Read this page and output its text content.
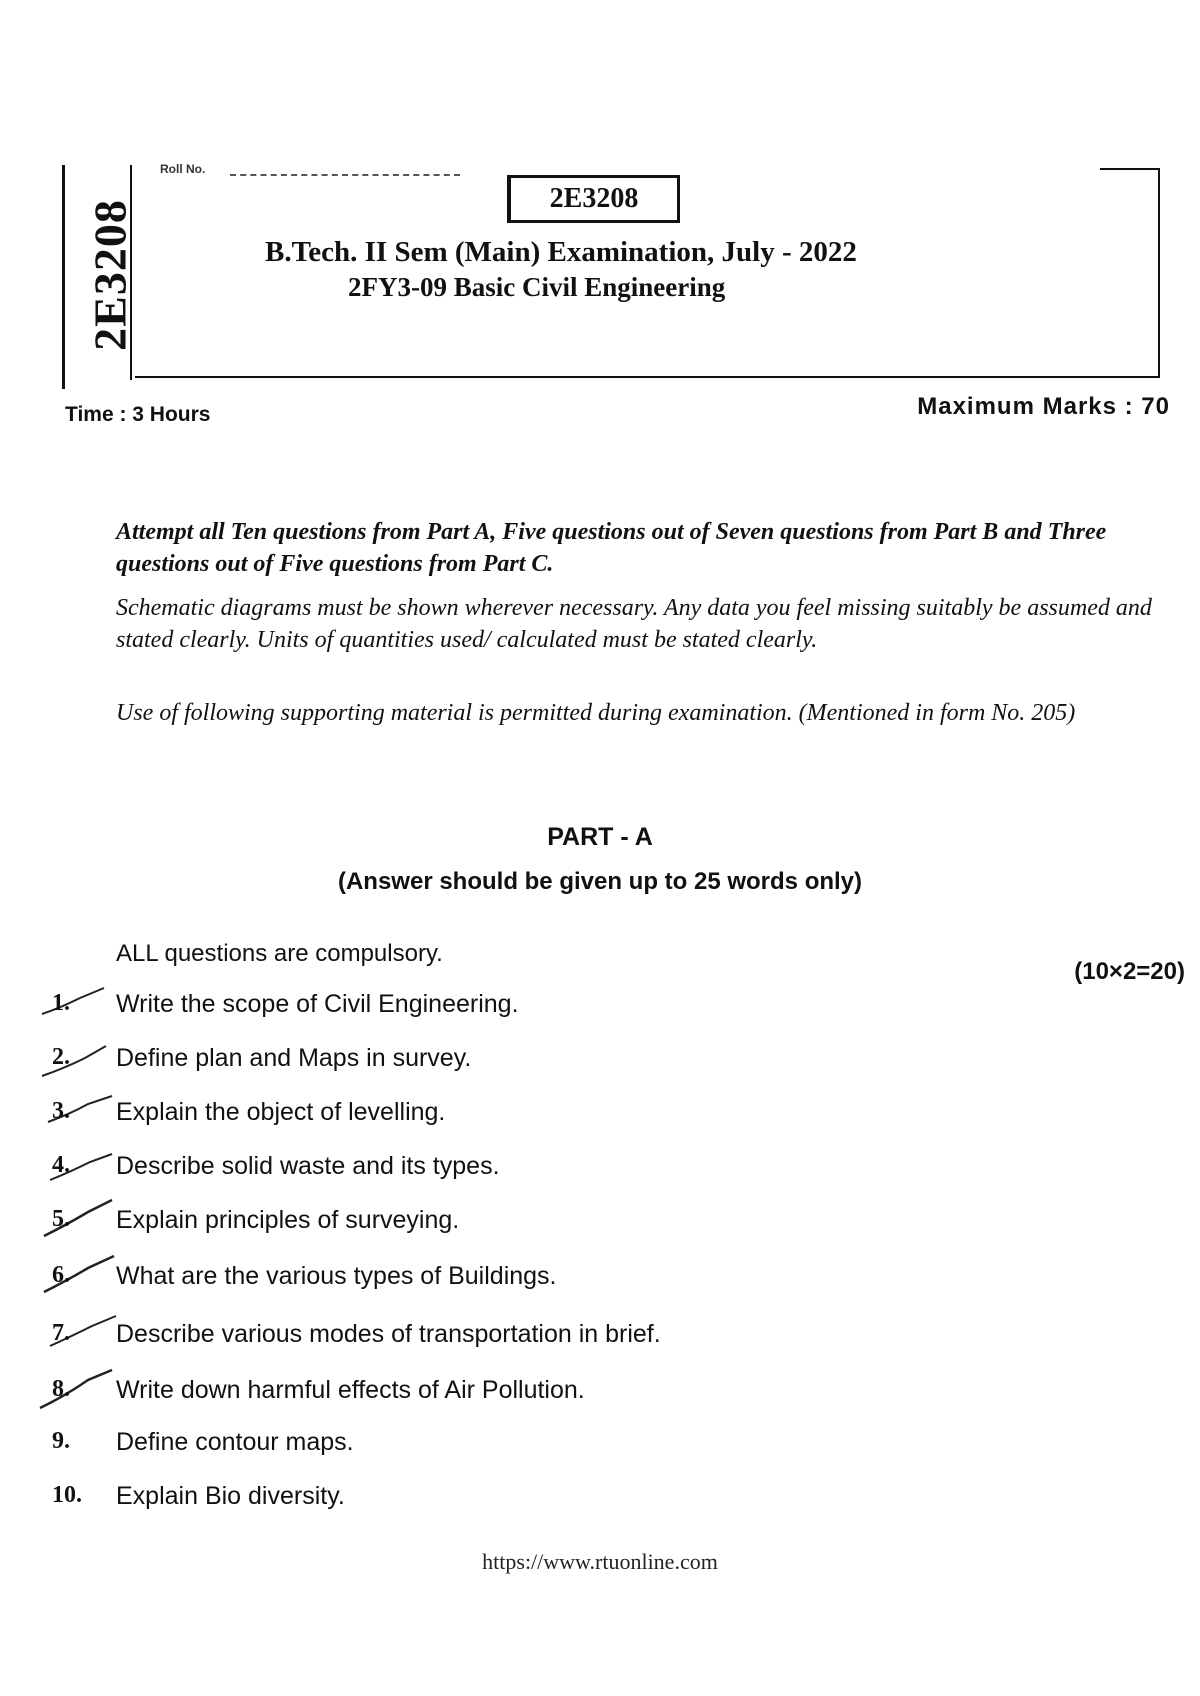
2E3208
Roll No.
2E3208
B.Tech. II Sem (Main) Examination, July - 2022
2FY3-09 Basic Civil Engineering
Time : 3 Hours	Maximum Marks : 70
Attempt all Ten questions from Part A, Five questions out of Seven questions from Part B and Three questions out of Five questions from Part C.
Schematic diagrams must be shown wherever necessary. Any data you feel missing suitably be assumed and stated clearly. Units of quantities used/ calculated must be stated clearly.
Use of following supporting material is permitted during examination. (Mentioned in form No. 205)
PART - A
(Answer should be given up to 25 words only)
ALL questions are compulsory.
(10×2=20)
1. Write the scope of Civil Engineering.
2. Define plan and Maps in survey.
3. Explain the object of levelling.
4. Describe solid waste and its types.
5. Explain principles of surveying.
6. What are the various types of Buildings.
7. Describe various modes of transportation in brief.
8. Write down harmful effects of Air Pollution.
9. Define contour maps.
10. Explain Bio diversity.
https://www.rtuonline.com
